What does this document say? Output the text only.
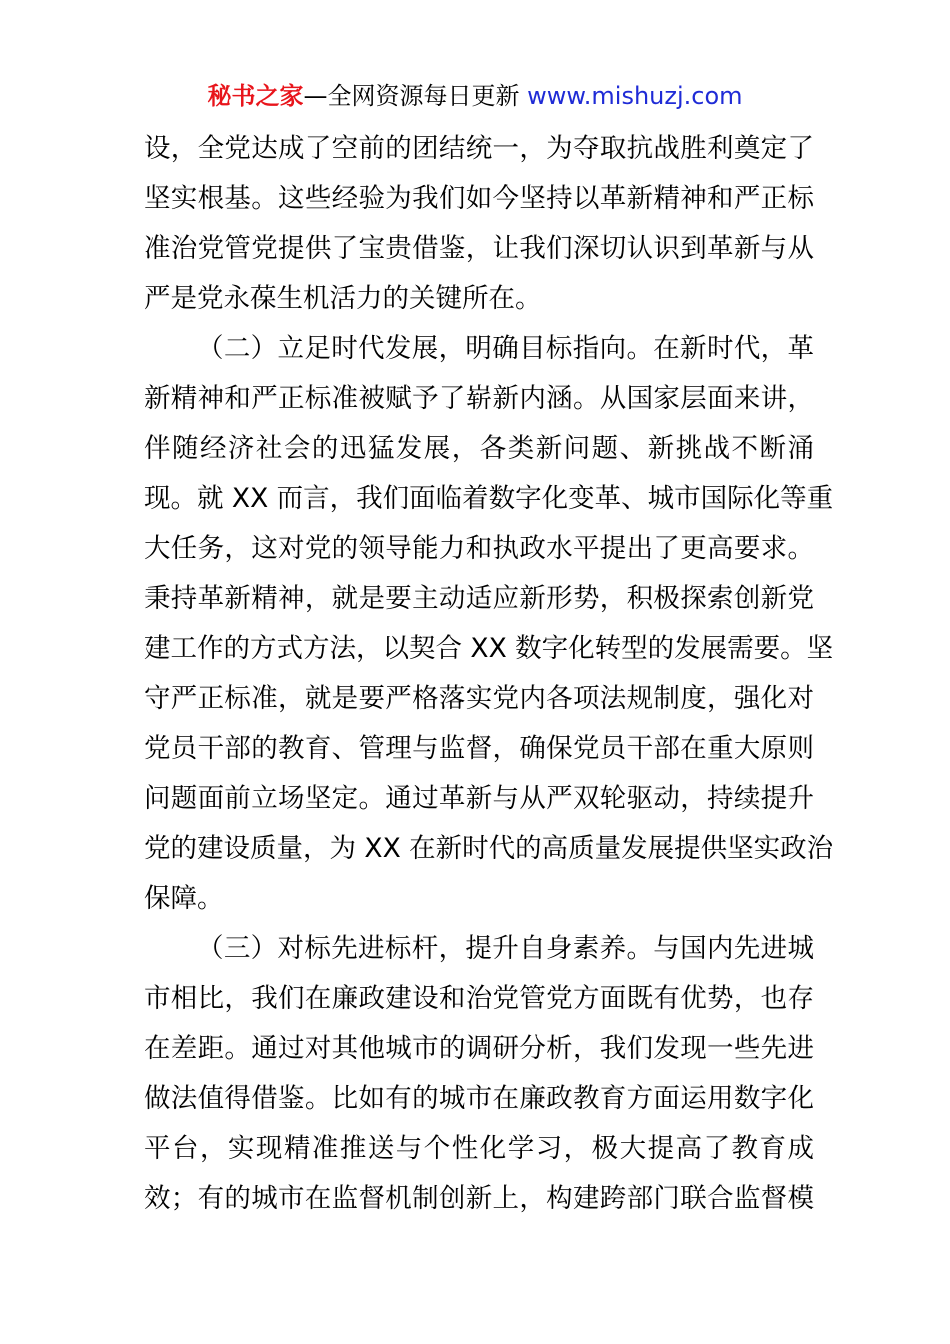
秘书之家—全网资源每日更新 www.mishuzj.com
设，全党达成了空前的团结统一，为夺取抗战胜利奠定了
坚实根基。这些经验为我们如今坚持以革新精神和严正标
准治党管党提供了宝贵借鉴，让我们深切认识到革新与从
严是党永葆生机活力的关键所在。
（二）立足时代发展，明确目标指向。在新时代，革
新精神和严正标准被赋予了崭新内涵。从国家层面来讲，
伴随经济社会的迅猛发展，各类新问题、新挑战不断涌
现。就 XX 而言，我们面临着数字化变革、城市国际化等重
大任务，这对党的领导能力和执政水平提出了更高要求。
秉持革新精神，就是要主动适应新形势，积极探索创新党
建工作的方式方法，以契合 XX 数字化转型的发展需要。坚
守严正标准，就是要严格落实党内各项法规制度，强化对
党员干部的教育、管理与监督，确保党员干部在重大原则
问题面前立场坚定。通过革新与从严双轮驱动，持续提升
党的建设质量，为 XX 在新时代的高质量发展提供坚实政治
保障。
（三）对标先进标杆，提升自身素养。与国内先进城
市相比，我们在廉政建设和治党管党方面既有优势，也存
在差距。通过对其他城市的调研分析，我们发现一些先进
做法值得借鉴。比如有的城市在廉政教育方面运用数字化
平台，实现精准推送与个性化学习，极大提高了教育成
效；有的城市在监督机制创新上，构建跨部门联合监督模
